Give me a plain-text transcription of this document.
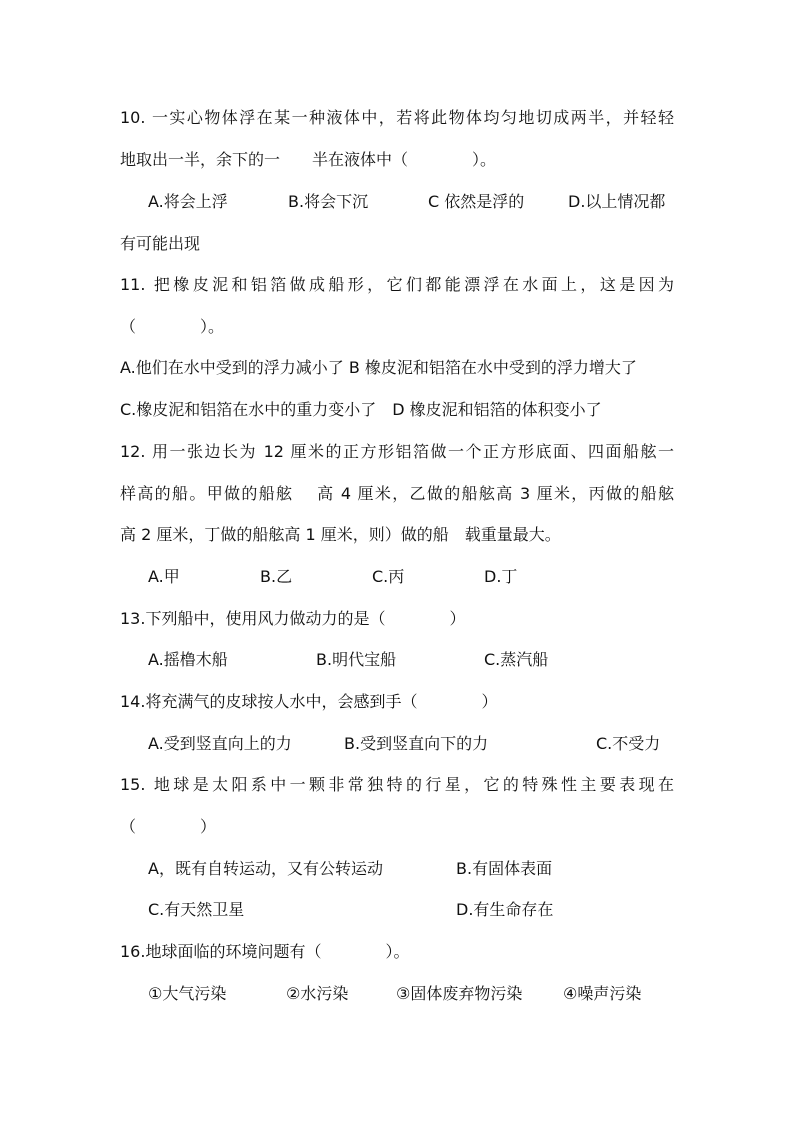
10. 一实心物体浮在某一种液体中，若将此物体均匀地切成两半，并轻轻
地取出一半，余下的一　　半在液体中（　　　　）。
A.将会上浮	B.将会下沉	C 依然是浮的	D.以上情况都
有可能出现
11. 把橡皮泥和铝箔做成船形，它们都能漂浮在水面上，这是因为
（　　　　）。
A.他们在水中受到的浮力减小了 B 橡皮泥和铝箔在水中受到的浮力增大了
C.橡皮泥和铝箔在水中的重力变小了　D 橡皮泥和铝箔的体积变小了
12. 用一张边长为 12 厘米的正方形铝箔做一个正方形底面、四面船舷一
样高的船。甲做的船舷　 高 4 厘米，乙做的船舷高 3 厘米，丙做的船舷
高 2 厘米，丁做的船舷高 1 厘米，则）做的船　载重量最大。
A.甲	B.乙	C.丙	D.丁
13.下列船中，使用风力做动力的是（　　　　）
A.摇橹木船	B.明代宝船	C.蒸汽船
14.将充满气的皮球按人水中，会感到手（　　　　）
A.受到竖直向上的力	B.受到竖直向下的力	C.不受力
15. 地球是太阳系中一颗非常独特的行星，它的特殊性主要表现在
（　　　　）
A，既有自转运动，又有公转运动	B.有固体表面
C.有天然卫星	D.有生命存在
16.地球面临的环境问题有（　　　　）。
①大气污染	②水污染	③固体废弃物污染	④噪声污染
